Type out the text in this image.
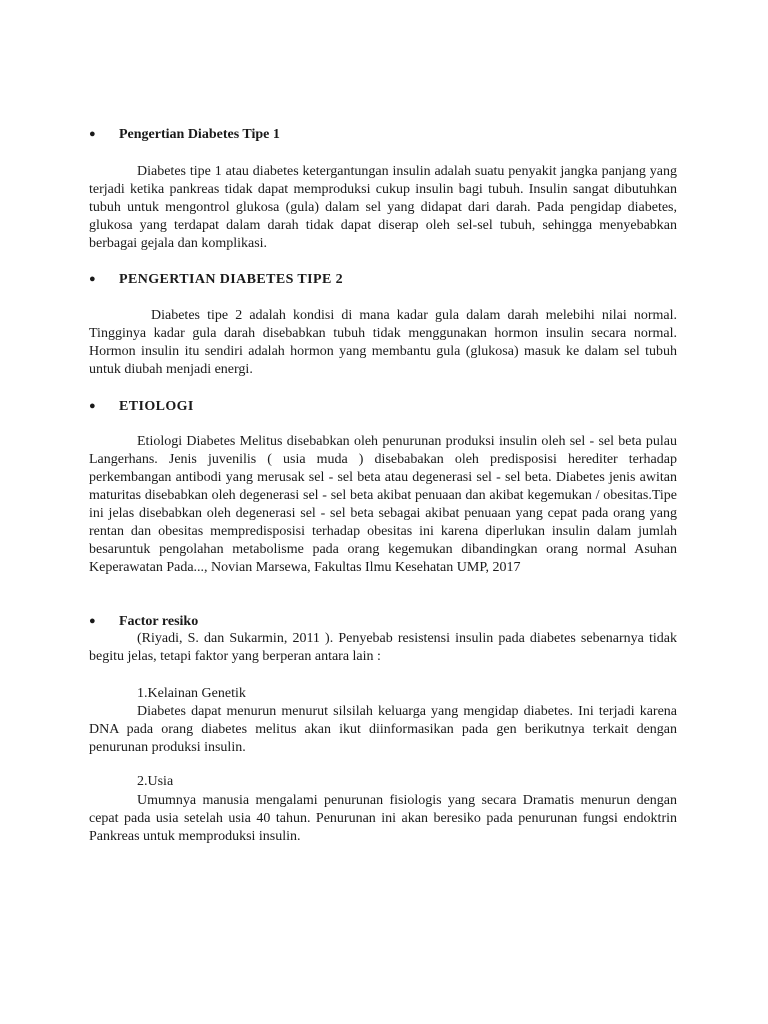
● Pengertian Diabetes Tipe 1

Diabetes tipe 1 atau diabetes ketergantungan insulin adalah suatu penyakit jangka panjang yang terjadi ketika pankreas tidak dapat memproduksi cukup insulin bagi tubuh. Insulin sangat dibutuhkan tubuh untuk mengontrol glukosa (gula) dalam sel yang didapat dari darah. Pada pengidap diabetes, glukosa yang terdapat dalam darah tidak dapat diserap oleh sel-sel tubuh, sehingga menyebabkan berbagai gejala dan komplikasi.

● PENGERTIAN DIABETES TIPE 2

Diabetes tipe 2 adalah kondisi di mana kadar gula dalam darah melebihi nilai normal. Tingginya kadar gula darah disebabkan tubuh tidak menggunakan hormon insulin secara normal. Hormon insulin itu sendiri adalah hormon yang membantu gula (glukosa) masuk ke dalam sel tubuh untuk diubah menjadi energi.

● ETIOLOGI

Etiologi Diabetes Melitus disebabkan oleh penurunan produksi insulin oleh sel - sel beta pulau Langerhans. Jenis juvenilis ( usia muda ) disebabakan oleh predisposisi herediter terhadap perkembangan antibodi yang merusak sel - sel beta atau degenerasi sel - sel beta. Diabetes jenis awitan maturitas disebabkan oleh degenerasi sel - sel beta akibat penuaan dan akibat kegemukan / obesitas.Tipe ini jelas disebabkan oleh degenerasi sel - sel beta sebagai akibat penuaan yang cepat pada orang yang rentan dan obesitas mempredisposisi terhadap obesitas ini karena diperlukan insulin dalam jumlah besaruntuk pengolahan metabolisme pada orang kegemukan dibandingkan orang normal Asuhan Keperawatan Pada..., Novian Marsewa, Fakultas Ilmu Kesehatan UMP, 2017

● Factor resiko

(Riyadi, S. dan Sukarmin, 2011 ). Penyebab resistensi insulin pada diabetes sebenarnya tidak begitu jelas, tetapi faktor yang berperan antara lain :

1.Kelainan Genetik

Diabetes dapat menurun menurut silsilah keluarga yang mengidap diabetes. Ini terjadi karena DNA pada orang diabetes melitus akan ikut diinformasikan pada gen berikutnya terkait dengan penurunan produksi insulin.

2.Usia

Umumnya manusia mengalami penurunan fisiologis yang secara Dramatis menurun dengan cepat pada usia setelah usia 40 tahun. Penurunan ini akan beresiko pada penurunan fungsi endoktrin Pankreas untuk memproduksi insulin.
